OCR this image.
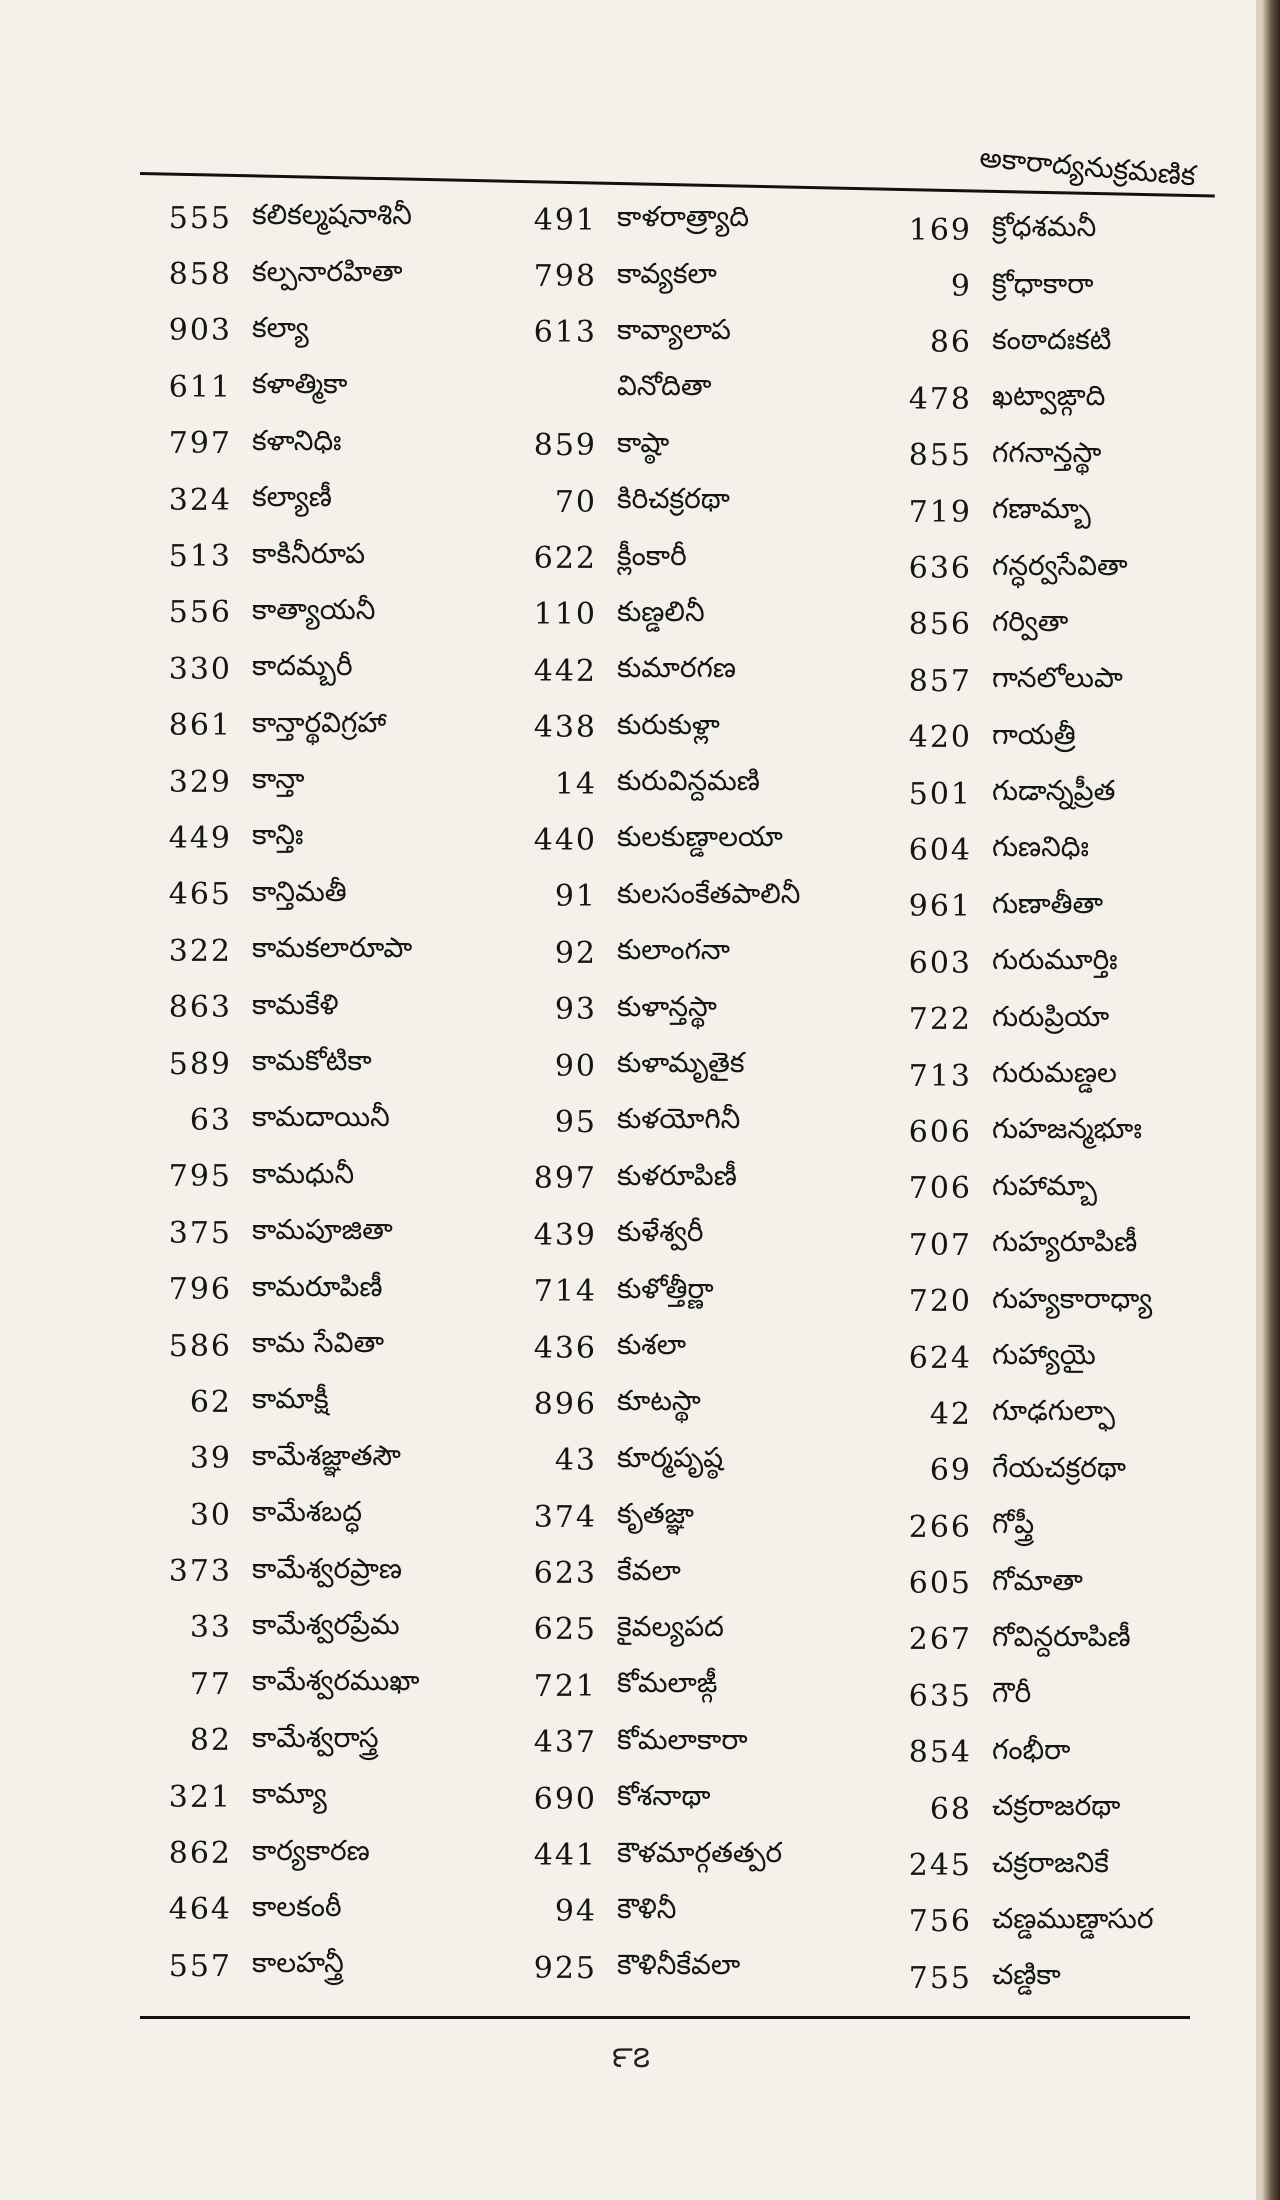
అకారాద్యనుక్రమణిక
555 కలికల్మషనాశినీ
858 కల్పనారహితా
903 కల్యా
611 కళాత్మికా
797 కళానిధిః
324 కల్యాణీ
513 కాకినీరూప
556 కాత్యాయనీ
330 కాదమ్బరీ
861 కాన్తార్థవిగ్రహా
329 కాన్తా
449 కాన్తిః
465 కాన్తిమతీ
322 కామకలారూపా
863 కామకేళి
589 కామకోటికా
63 కామదాయినీ
795 కామధునీ
375 కామపూజితా
796 కామరూపిణీ
586 కామ సేవితా
62 కామాక్షీ
39 కామేశజ్ఞాతసౌ
30 కామేశబద్ధ
373 కామేశ్వరప్రాణ
33 కామేశ్వరప్రేమ
77 కామేశ్వరముఖా
82 కామేశ్వరాస్త్ర
321 కామ్యా
862 కార్యకారణ
464 కాలకంఠీ
557 కాలహన్త్రీ
491 కాళరాత్ర్యాది
798 కావ్యకలా
613 కావ్యాలాప
వినోదితా
859 కాష్ఠా
70 కిరిచక్రరథా
622 క్లీంకారీ
110 కుణ్డలినీ
442 కుమారగణ
438 కురుకుళ్లా
14 కురువిన్దమణి
440 కులకుణ్డాలయా
91 కులసంకేతపాలినీ
92 కులాంగనా
93 కుళాన్తస్థా
90 కుళామృతైక
95 కుళయోగినీ
897 కుళరూపిణీ
439 కుళేశ్వరీ
714 కుళోత్తీర్ణా
436 కుశలా
896 కూటస్థా
43 కూర్మపృష్ఠ
374 కృతజ్ఞా
623 కేవలా
625 కైవల్యపద
721 కోమలాఙ్గీ
437 కోమలాకారా
690 కోశనాథా
441 కౌళమార్గతత్పర
94 కౌళినీ
925 కౌళినీకేవలా
169 క్రోధశమనీ
9 క్రోధాకారా
86 కంఠాదఃకటి
478 ఖట్వాఙ్గాది
855 గగనాన్తస్థా
719 గణామ్బా
636 గన్ధర్వసేవితా
856 గర్వితా
857 గానలోలుపా
420 గాయత్రీ
501 గుడాన్నప్రీత
604 గుణనిధిః
961 గుణాతీతా
603 గురుమూర్తిః
722 గురుప్రియా
713 గురుమణ్డల
606 గుహజన్మభూః
706 గుహామ్బా
707 గుహ్యరూపిణీ
720 గుహ్యకారాధ్యా
624 గుహ్యాయై
42 గూఢగుల్ఫా
69 గేయచక్రరథా
266 గోప్త్రీ
605 గోమాతా
267 గోవిన్దరూపిణీ
635 గౌరీ
854 గంభీరా
68 చక్రరాజరథా
245 చక్రరాజనికే
756 చణ్డముణ్డాసుర
755 చణ్డికా
౯౭
